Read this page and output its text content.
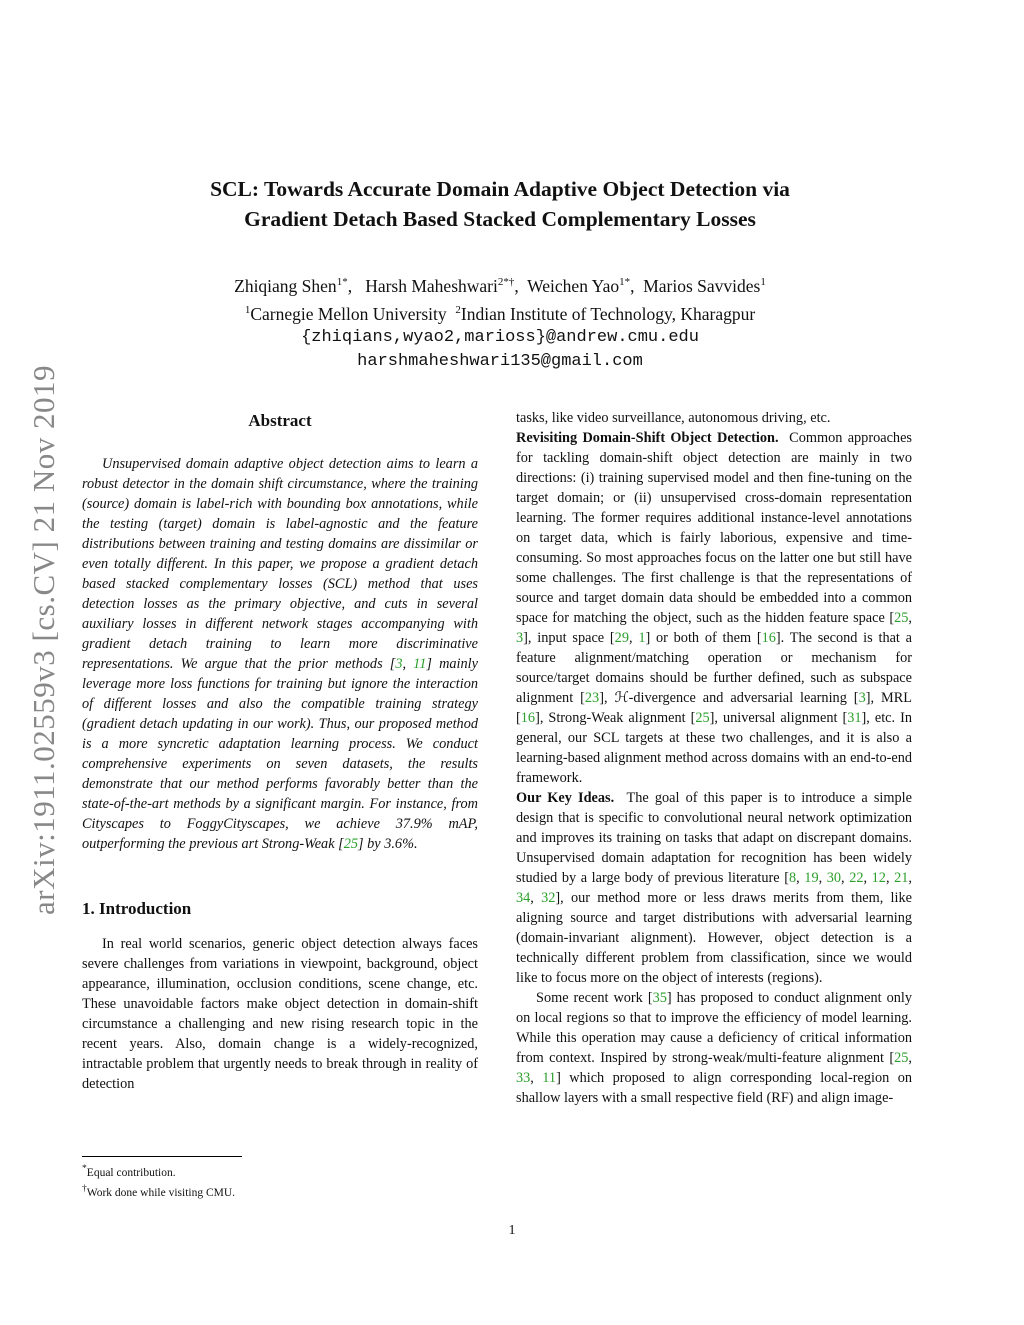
arXiv:1911.02559v3 [cs.CV] 21 Nov 2019
SCL: Towards Accurate Domain Adaptive Object Detection via
Gradient Detach Based Stacked Complementary Losses
Zhiqiang Shen$^{1*}$,   Harsh Maheshwari$^{2*\dagger}$,  Weichen Yao$^{1*}$,  Marios Savvides$^1$
$^1$Carnegie Mellon University $^2$Indian Institute of Technology, Kharagpur
{zhiqians,wyao2,marioss}@andrew.cmu.edu
harshmaheshwari135@gmail.com
Abstract

Unsupervised domain adaptive object detection aims to learn a robust detector in the domain shift circumstance, where the training (source) domain is label-rich with bounding box annotations, while the testing (target) domain is label-agnostic and the feature distributions between training and testing domains are dissimilar or even totally different. In this paper, we propose a gradient detach based stacked complementary losses (SCL) method that uses detection losses as the primary objective, and cuts in several auxiliary losses in different network stages accompanying with gradient detach training to learn more discriminative representations. We argue that the prior methods [3, 11] mainly leverage more loss functions for training but ignore the interaction of different losses and also the compatible training strategy (gradient detach updating in our work). Thus, our proposed method is a more syncretic adaptation learning process. We conduct comprehensive experiments on seven datasets, the results demonstrate that our method performs favorably better than the state-of-the-art methods by a significant margin. For instance, from Cityscapes to FoggyCityscapes, we achieve 37.9% mAP, outperforming the previous art Strong-Weak [25] by 3.6%.

1. Introduction

In real world scenarios, generic object detection always faces severe challenges from variations in viewpoint, background, object appearance, illumination, occlusion conditions, scene change, etc. These unavoidable factors make object detection in domain-shift circumstance a challenging and new rising research topic in the recent years. Also, domain change is a widely-recognized, intractable problem that urgently needs to break through in reality of detection

tasks, like video surveillance, autonomous driving, etc.

Revisiting Domain-Shift Object Detection. Common approaches for tackling domain-shift object detection are mainly in two directions: (i) training supervised model and then fine-tuning on the target domain; or (ii) unsupervised cross-domain representation learning. The former requires additional instance-level annotations on target data, which is fairly laborious, expensive and time-consuming. So most approaches focus on the latter one but still have some challenges. The first challenge is that the representations of source and target domain data should be embedded into a common space for matching the object, such as the hidden feature space [25, 3], input space [29, 1] or both of them [16]. The second is that a feature alignment/matching operation or mechanism for source/target domains should be further defined, such as subspace alignment [23], ℋ-divergence and adversarial learning [3], MRL [16], Strong-Weak alignment [25], universal alignment [31], etc. In general, our SCL targets at these two challenges, and it is also a learning-based alignment method across domains with an end-to-end framework.

Our Key Ideas. The goal of this paper is to introduce a simple design that is specific to convolutional neural network optimization and improves its training on tasks that adapt on discrepant domains. Unsupervised domain adaptation for recognition has been widely studied by a large body of previous literature [8, 19, 30, 22, 12, 21, 34, 32], our method more or less draws merits from them, like aligning source and target distributions with adversarial learning (domain-invariant alignment). However, object detection is a technically different problem from classification, since we would like to focus more on the object of interests (regions).

Some recent work [35] has proposed to conduct alignment only on local regions so that to improve the efficiency of model learning. While this operation may cause a deficiency of critical information from context. Inspired by strong-weak/multi-feature alignment [25, 33, 11] which proposed to align corresponding local-region on shallow layers with a small respective field (RF) and align image-

*Equal contribution.
†Work done while visiting CMU.
1
